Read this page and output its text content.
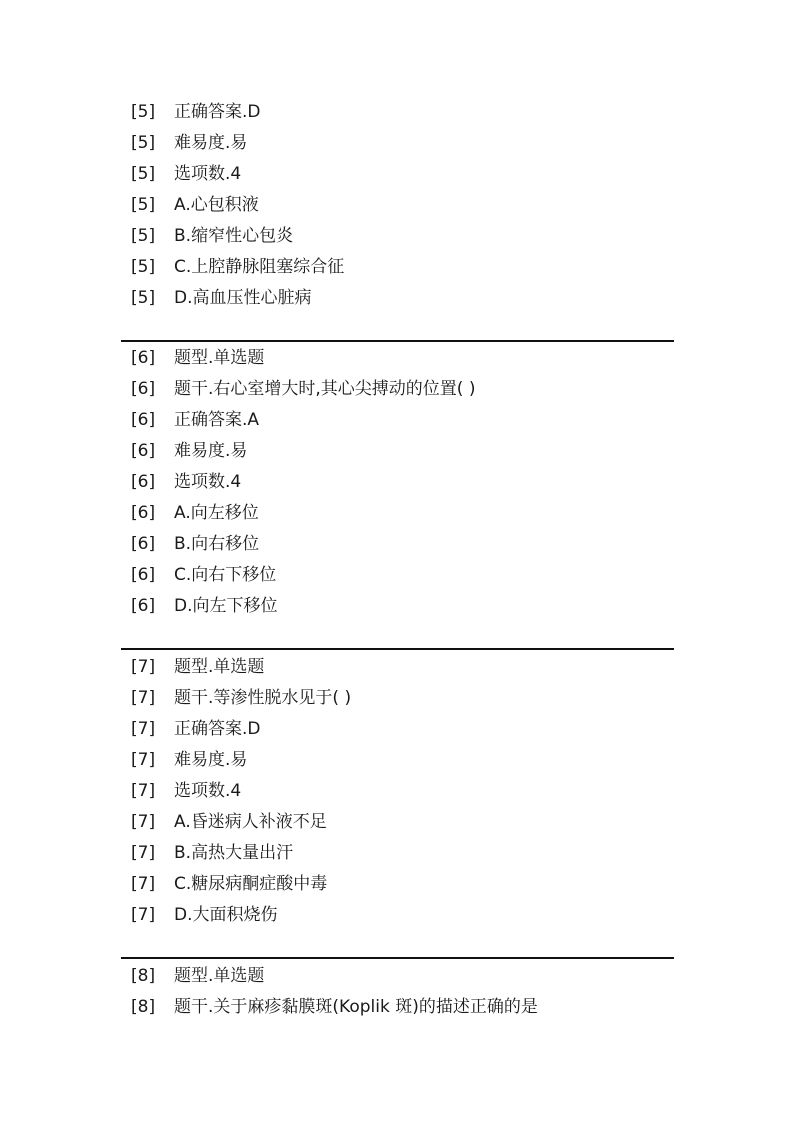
[5] 正确答案.D
[5] 难易度.易
[5] 选项数.4
[5] A.心包积液
[5] B.缩窄性心包炎
[5] C.上腔静脉阻塞综合征
[5] D.高血压性心脏病
[6] 题型.单选题
[6] 题干.右心室增大时,其心尖搏动的位置( )
[6] 正确答案.A
[6] 难易度.易
[6] 选项数.4
[6] A.向左移位
[6] B.向右移位
[6] C.向右下移位
[6] D.向左下移位
[7] 题型.单选题
[7] 题干.等渗性脱水见于( )
[7] 正确答案.D
[7] 难易度.易
[7] 选项数.4
[7] A.昏迷病人补液不足
[7] B.高热大量出汗
[7] C.糖尿病酮症酸中毒
[7] D.大面积烧伤
[8] 题型.单选题
[8] 题干.关于麻疹黏膜斑(Koplik 斑)的描述正确的是
